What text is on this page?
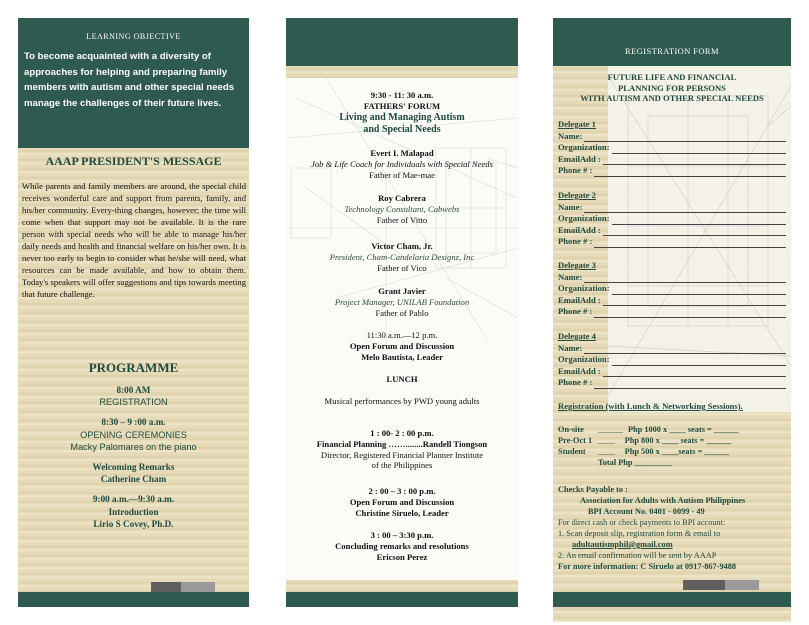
LEARNING OBJECTIVE
To become acquainted with a diversity of approaches for helping and preparing family members with autism and other special needs manage the challenges of their future lives.
AAAP PRESIDENT'S MESSAGE
While parents and family members are around, the special child receives wonderful care and support from parents, family, and his/her community. Every-thing changes, however; the time will come when that support may not be available. It is the rare person with special needs who will be able to manage his/her daily needs and health and financial welfare on his/her own. It is never too early to begin to consider what he/she will need, what resources can be made available, and how to obtain them. Today's speakers will offer suggestions and tips towards meeting that future challenge.
PROGRAMME
8:00 AM
REGISTRATION
8:30 – 9 :00 a.m.
OPENING CEREMONIES
Macky Palomares on the piano
Welcoming Remarks
Catherine Cham
9:00 a.m.—9:30 a.m.
Introduction
Lirio S Covey, Ph.D.
9:30 - 11: 30 a.m.
FATHERS' FORUM
Living and Managing Autism
and Special Needs
Evert I. Malapad
Job & Life Coach for Individuals with Special Needs
Father of Mae-mae
Roy Cabrera
Technology Consultant, Cabwebs
Father of Vitto
Victor Cham, Jr.
President, Cham-Candelaria Designz, Inc
Father of Vico
Grant Javier
Project Manager, UNILAB Foundation
Father of Pablo
11:30 a.m.—12 p.m.
Open Forum and Discussion
Melo Bautista, Leader
LUNCH
Musical performances by PWD young adults
1 : 00- 2 : 00 p.m.
Financial Planning ……........Randell Tiongson
Director, Registered Financial Planner Institute
of the Philippines
2 : 00 – 3 : 00 p.m.
Open Forum and Discussion
Christine Siruelo, Leader
3 : 00 – 3:30 p.m.
Concluding remarks and resolutions
Ericson Perez
REGISTRATION FORM
FUTURE LIFE AND FINANCIAL
PLANNING FOR PERSONS
WITH AUTISM AND OTHER SPECIAL NEEDS
Delegate 1
Name:
Organization:
EmailAdd :
Phone # :
Delegate 2
Name:
Organization:
EmailAdd :
Phone # :
Delegate 3
Name:
Organization:
EmailAdd :
Phone # :
Delegate 4
Name:
Organization:
EmailAdd :
Phone # :
Registration (with Lunch & Networking Sessions).
On-site ______ Php 1000 x ____ seats = ______
Pre-Oct 1 ____ Php 800 x ____ seats = ______
Student ____ Php 500 x ____seats = ______
Total Php _________
Checks Payable to :
Association for Adults with Autism Philippines
BPI Account No. 0401 - 0099 - 49
For direct cash or check payments to BPI account:
1. Scan deposit slip, registration form & email to
adultautismphil@gmail.com
2. An email confirmation will be sent by AAAP
For more information: C Siruelo at 0917-867-9488
